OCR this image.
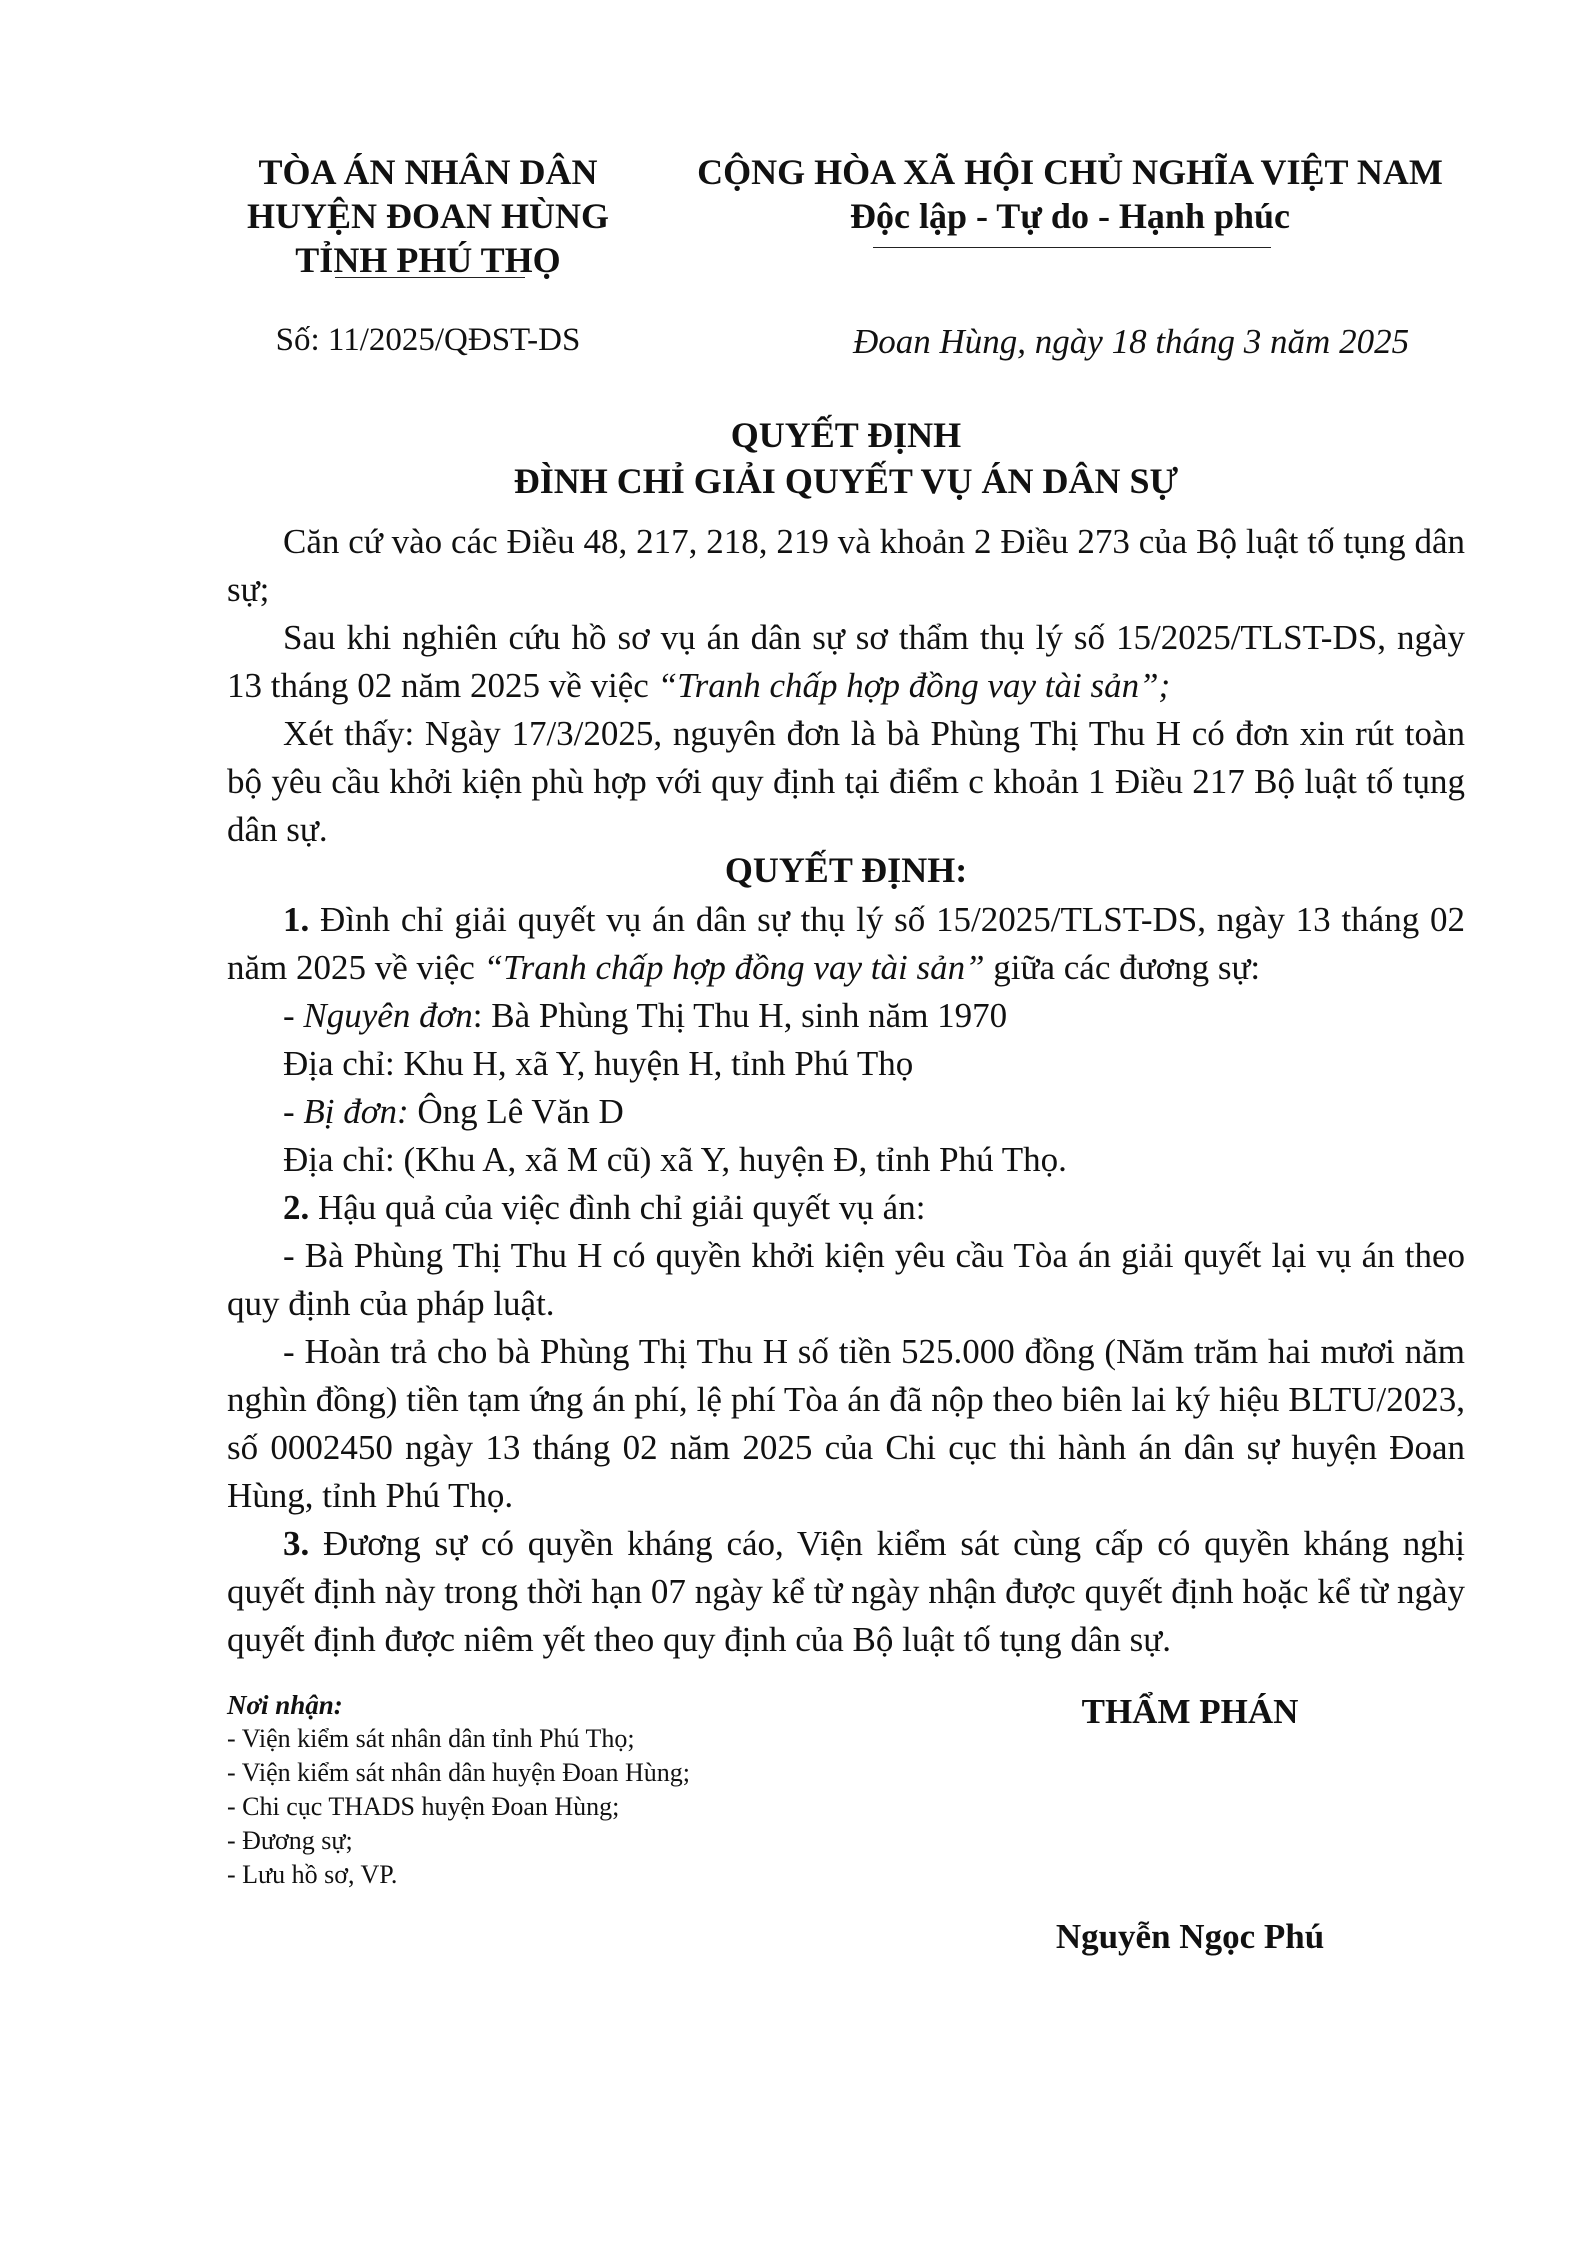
TÒA ÁN NHÂN DÂN
HUYỆN ĐOAN HÙNG
TỈNH PHÚ THỌ
CỘNG HÒA XÃ HỘI CHỦ NGHĨA VIỆT NAM
Độc lập - Tự do - Hạnh phúc
Số: 11/2025/QĐST-DS	Đoan Hùng, ngày 18 tháng 3 năm 2025
QUYẾT ĐỊNH
ĐÌNH CHỈ GIẢI QUYẾT VỤ ÁN DÂN SỰ

Căn cứ vào các Điều 48, 217, 218, 219 và khoản 2 Điều 273 của Bộ luật tố tụng dân sự;

Sau khi nghiên cứu hồ sơ vụ án dân sự sơ thẩm thụ lý số 15/2025/TLST-DS, ngày 13 tháng 02 năm 2025 về việc “Tranh chấp hợp đồng vay tài sản”;

Xét thấy: Ngày 17/3/2025, nguyên đơn là bà Phùng Thị Thu H có đơn xin rút toàn bộ yêu cầu khởi kiện phù hợp với quy định tại điểm c khoản 1 Điều 217 Bộ luật tố tụng dân sự.

QUYẾT ĐỊNH:

1. Đình chỉ giải quyết vụ án dân sự thụ lý số 15/2025/TLST-DS, ngày 13 tháng 02 năm 2025 về việc “Tranh chấp hợp đồng vay tài sản” giữa các đương sự:

- Nguyên đơn: Bà Phùng Thị Thu H, sinh năm 1970

Địa chỉ: Khu H, xã Y, huyện H, tỉnh Phú Thọ

- Bị đơn: Ông Lê Văn D

Địa chỉ: (Khu A, xã M cũ) xã Y, huyện Đ, tỉnh Phú Thọ.

2. Hậu quả của việc đình chỉ giải quyết vụ án:

- Bà Phùng Thị Thu H có quyền khởi kiện yêu cầu Tòa án giải quyết lại vụ án theo quy định của pháp luật.

- Hoàn trả cho bà Phùng Thị Thu H số tiền 525.000 đồng (Năm trăm hai mươi năm nghìn đồng) tiền tạm ứng án phí, lệ phí Tòa án đã nộp theo biên lai ký hiệu BLTU/2023, số 0002450 ngày 13 tháng 02 năm 2025 của Chi cục thi hành án dân sự huyện Đoan Hùng, tỉnh Phú Thọ.

3. Đương sự có quyền kháng cáo, Viện kiểm sát cùng cấp có quyền kháng nghị quyết định này trong thời hạn 07 ngày kể từ ngày nhận được quyết định hoặc kể từ ngày quyết định được niêm yết theo quy định của Bộ luật tố tụng dân sự.

Nơi nhận:
- Viện kiểm sát nhân dân tỉnh Phú Thọ;
- Viện kiểm sát nhân dân huyện Đoan Hùng;
- Chi cục THADS huyện Đoan Hùng;
- Đương sự;
- Lưu hồ sơ, VP.
THẨM PHÁN
Nguyễn Ngọc Phú
